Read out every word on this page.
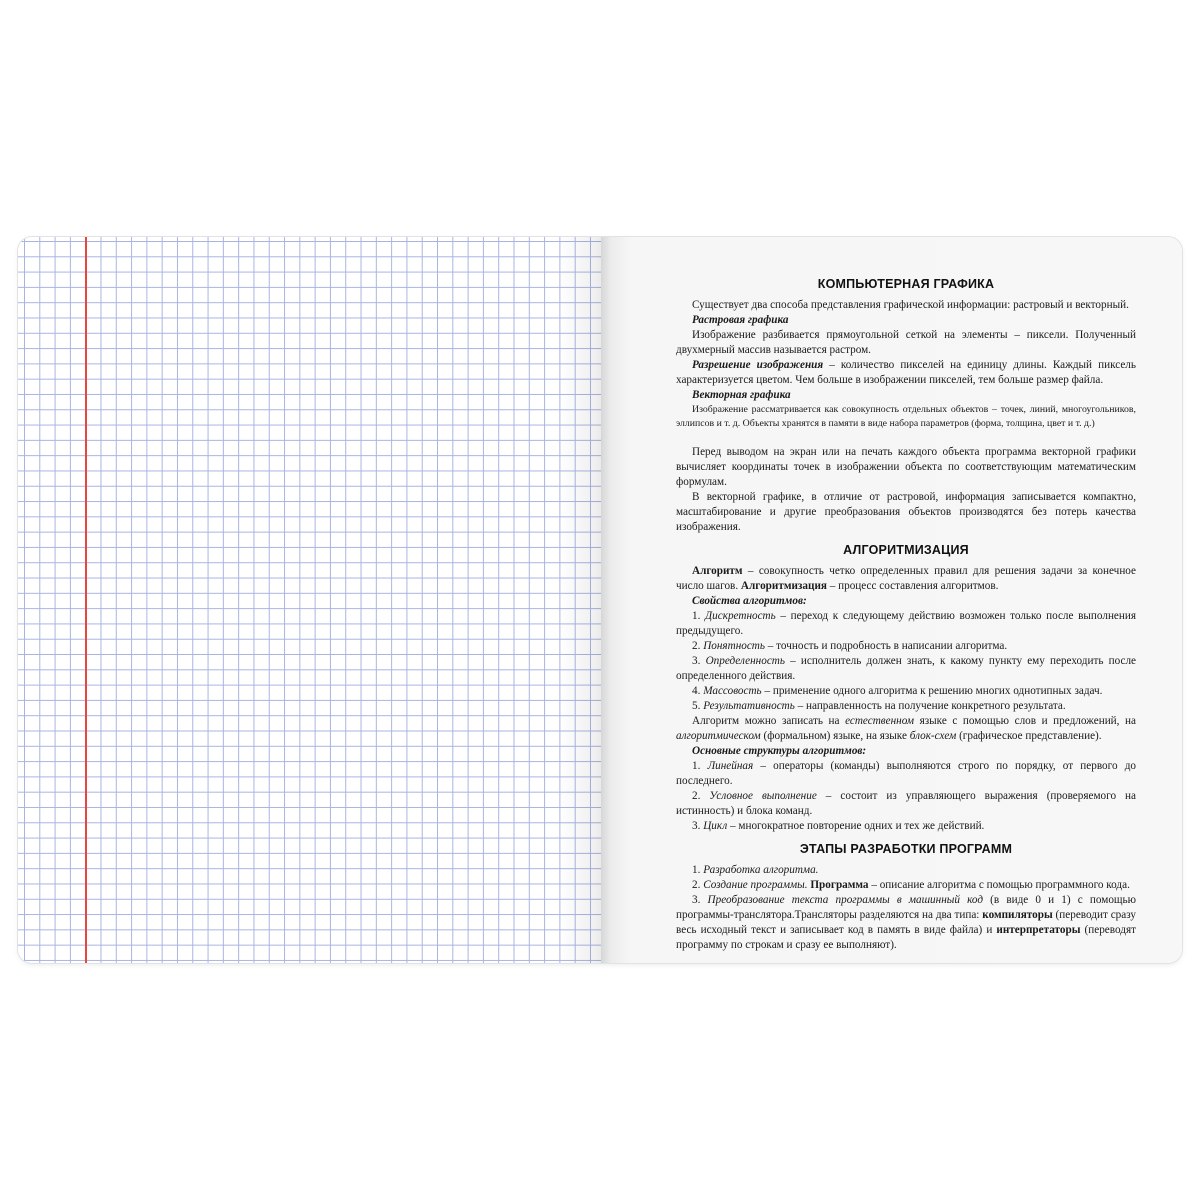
КОМПЬЮТЕРНАЯ ГРАФИКА

Существует два способа представления графической информации: растровый и векторный.

Растровая графика

Изображение разбивается прямоугольной сеткой на элементы – пиксели. Полученный двухмерный массив называется растром.

Разрешение изображения – количество пикселей на единицу длины. Каждый пиксель характеризуется цветом. Чем больше в изображении пикселей, тем больше размер файла.

Векторная графика

Изображение рассматривается как совокупность отдельных объектов – точек, линий, многоугольников, эллипсов и т. д. Объекты хранятся в памяти в виде набора параметров (форма, толщина, цвет и т. д.)

Перед выводом на экран или на печать каждого объекта программа векторной графики вычисляет координаты точек в изображении объекта по соответствующим математическим формулам.

В векторной графике, в отличие от растровой, информация записывается компактно, масштабирование и другие преобразования объектов производятся без потерь качества изображения.

АЛГОРИТМИЗАЦИЯ

Алгоритм – совокупность четко определенных правил для решения задачи за конечное число шагов. Алгоритмизация – процесс составления алгоритмов.

Свойства алгоритмов:

1. Дискретность – переход к следующему действию возможен только после выполнения предыдущего.

2. Понятность – точность и подробность в написании алгоритма.

3. Определенность – исполнитель должен знать, к какому пункту ему переходить после определенного действия.

4. Массовость – применение одного алгоритма к решению многих однотипных задач.

5. Результативность – направленность на получение конкретного результата.

Алгоритм можно записать на естественном языке с помощью слов и предложений, на алгоритмическом (формальном) языке, на языке блок-схем (графическое представление).

Основные структуры алгоритмов:

1. Линейная – операторы (команды) выполняются строго по порядку, от первого до последнего.

2. Условное выполнение – состоит из управляющего выражения (проверяемого на истинность) и блока команд.

3. Цикл – многократное повторение одних и тех же действий.

ЭТАПЫ РАЗРАБОТКИ ПРОГРАММ

1. Разработка алгоритма.

2. Создание программы. Программа – описание алгоритма с помощью программного кода.

3. Преобразование текста программы в машинный код (в виде 0 и 1) с помощью программы-транслятора.Трансляторы разделяются на два типа: компиляторы (переводит сразу весь исходный текст и записывает код в память в виде файла) и интерпретаторы (переводят программу по строкам и сразу ее выполняют).
